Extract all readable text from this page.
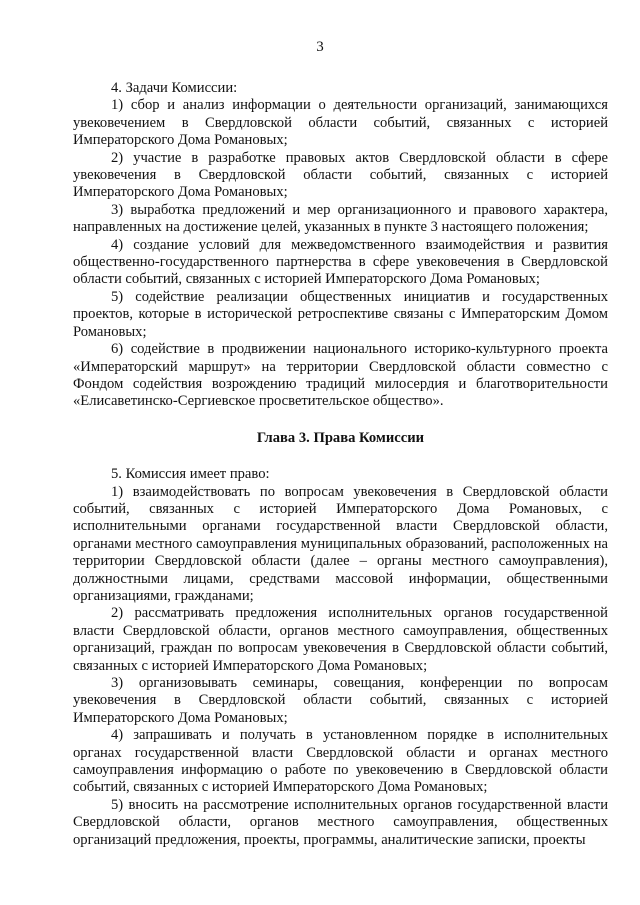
3

4. Задачи Комиссии:

1) сбор и анализ информации о деятельности организаций, занимающихся увековечением в Свердловской области событий, связанных с историей Императорского Дома Романовых;

2) участие в разработке правовых актов Свердловской области в сфере увековечения в Свердловской области событий, связанных с историей Императорского Дома Романовых;

3) выработка предложений и мер организационного и правового характера, направленных на достижение целей, указанных в пункте 3 настоящего положения;

4) создание условий для межведомственного взаимодействия и развития общественно-государственного партнерства в сфере увековечения в Свердловской области событий, связанных с историей Императорского Дома Романовых;

5) содействие реализации общественных инициатив и государственных проектов, которые в исторической ретроспективе связаны с Императорским Домом Романовых;

6) содействие в продвижении национального историко-культурного проекта «Императорский маршрут» на территории Свердловской области совместно с Фондом содействия возрождению традиций милосердия и благотворительности «Елисаветинско-Сергиевское просветительское общество».

Глава 3. Права Комиссии

5. Комиссия имеет право:

1) взаимодействовать по вопросам увековечения в Свердловской области событий, связанных с историей Императорского Дома Романовых, с исполнительными органами государственной власти Свердловской области, органами местного самоуправления муниципальных образований, расположенных на территории Свердловской области (далее – органы местного самоуправления), должностными лицами, средствами массовой информации, общественными организациями, гражданами;

2) рассматривать предложения исполнительных органов государственной власти Свердловской области, органов местного самоуправления, общественных организаций, граждан по вопросам увековечения в Свердловской области событий, связанных с историей Императорского Дома Романовых;

3) организовывать семинары, совещания, конференции по вопросам увековечения в Свердловской области событий, связанных с историей Императорского Дома Романовых;

4) запрашивать и получать в установленном порядке в исполнительных органах государственной власти Свердловской области и органах местного самоуправления информацию о работе по увековечению в Свердловской области событий, связанных с историей Императорского Дома Романовых;

5) вносить на рассмотрение исполнительных органов государственной власти Свердловской области, органов местного самоуправления, общественных организаций предложения, проекты, программы, аналитические записки, проекты
